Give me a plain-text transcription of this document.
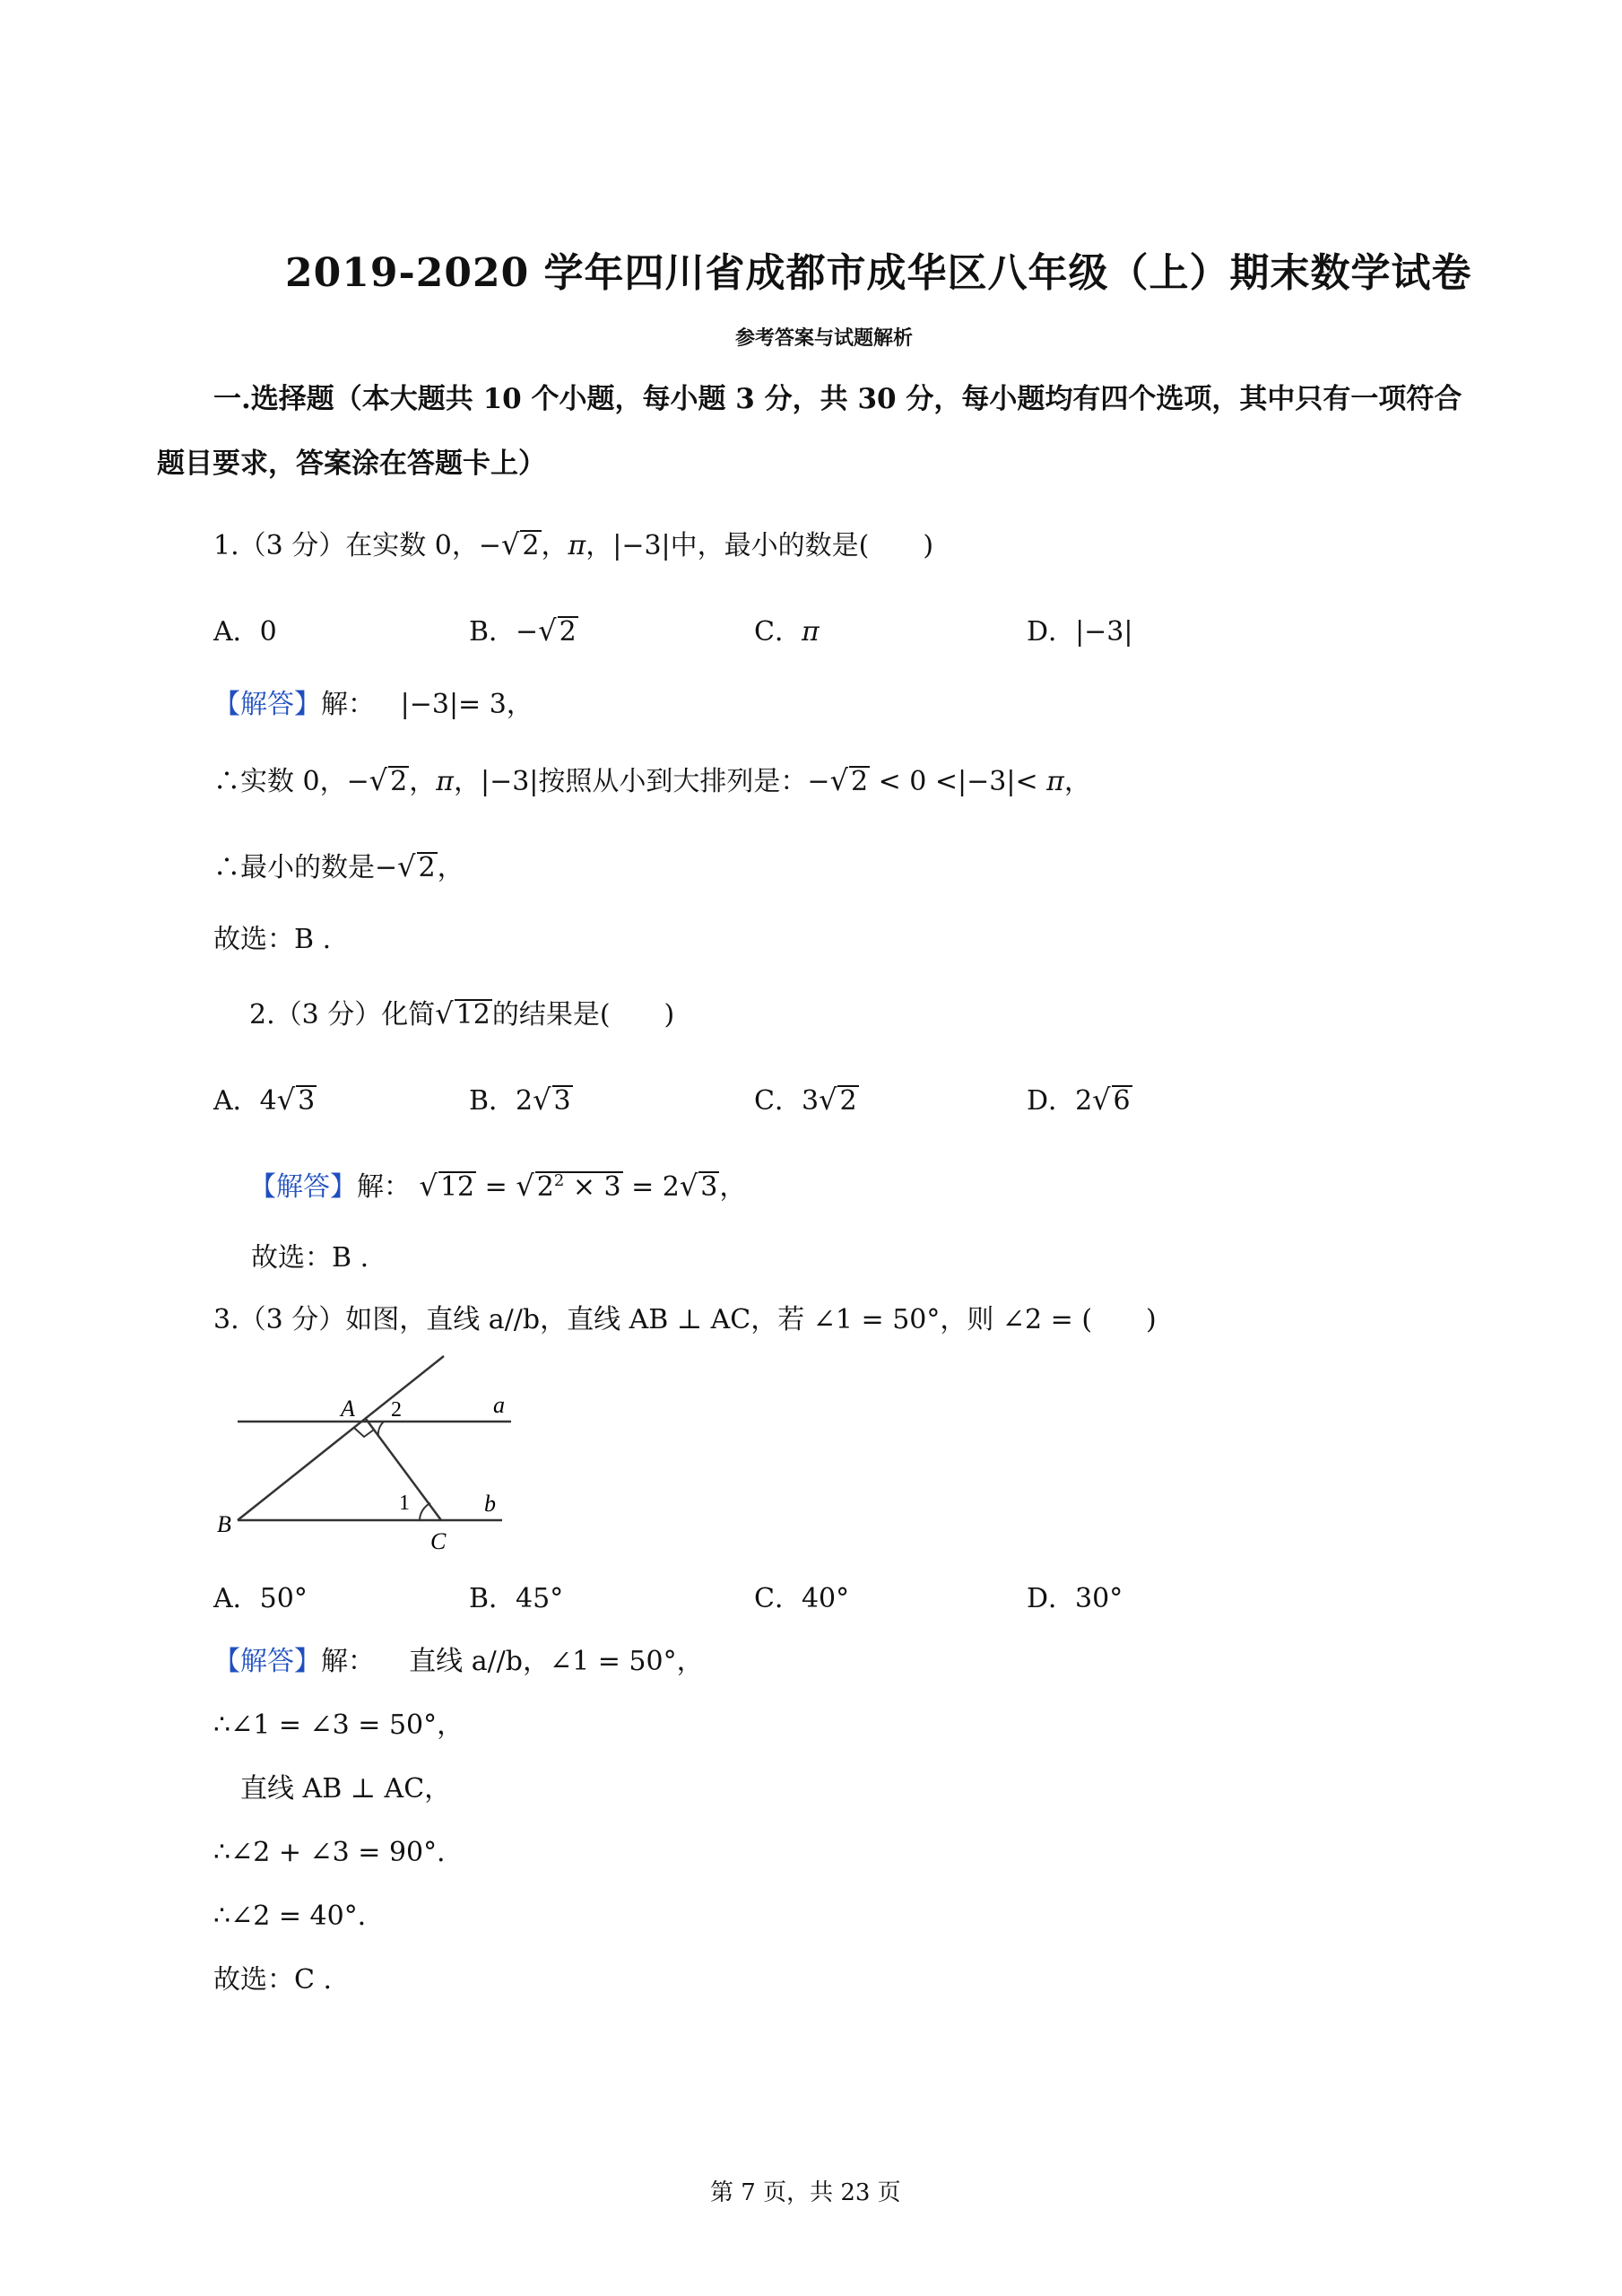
2019-2020 学年四川省成都市成华区八年级（上）期末数学试卷
参考答案与试题解析
一.选择题（本大题共 10 个小题，每小题 3 分，共 30 分，每小题均有四个选项，其中只有一项符合
题目要求，答案涂在答题卡上）
1.（3 分）在实数 0，−√ 2，π，|−3|中，最小的数是(　　)
A．0	B．−√ 2	C．π	D．|−3|
【解答】解： |−3|= 3，
∴实数 0，−√ 2，π，|−3|按照从小到大排列是：−√ 2 < 0 <|−3|< π，
∴最小的数是−√ 2，
故选：B .
2.（3 分）化简√ 12的结果是(　　)
A．4√ 3	B．2√ 3	C．3√ 2	D．2√ 6
【解答】解： √ 12 = √ $2^2 \times 3 = 2√$ 3，
故选：B .
3.（3 分）如图，直线 a//b，直线 AB ⊥ AC，若 ∠1 = 50°，则 ∠2 = (　　)
A
B
C
a
b
1
2
A．50°	B．45°	C．40°	D．30°
【解答】解： 直线 a//b，∠1 = 50°，
∴∠1 = ∠3 = 50°，
直线 AB ⊥ AC，
∴∠2 + ∠3 = 90°．
∴∠2 = 40°．
故选：C .
第 7 页，共 23 页
